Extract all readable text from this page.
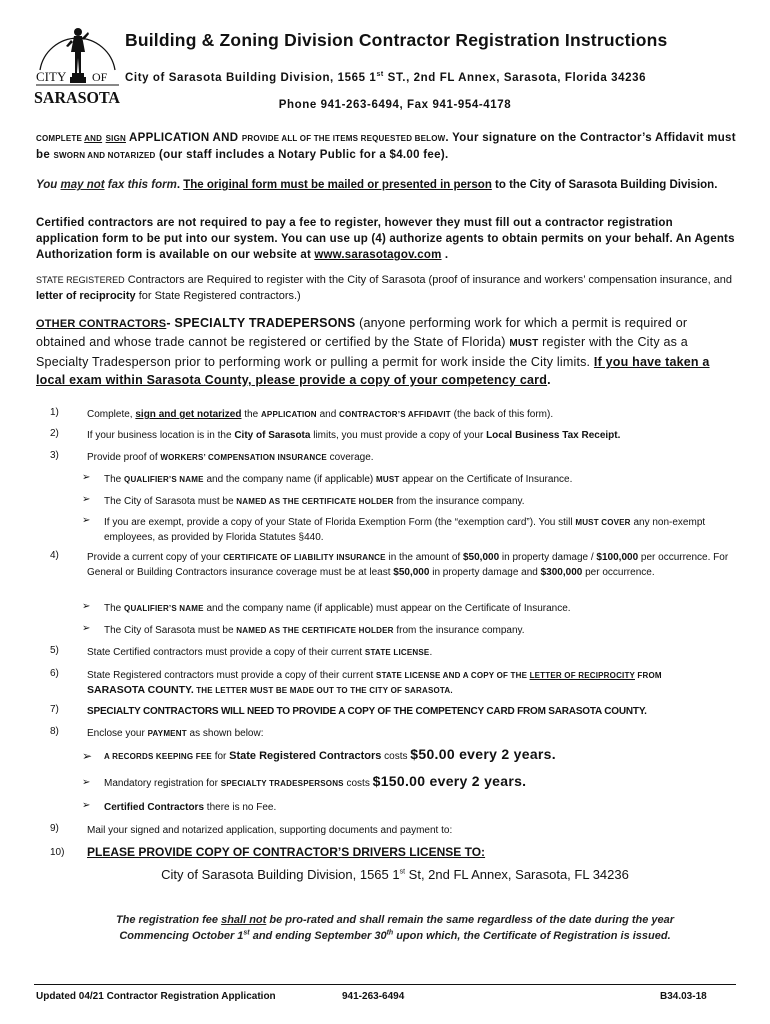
CITY OF
SARASOTA
Building & Zoning Division Contractor Registration Instructions
City of Sarasota Building Division, 1565 1st ST., 2nd FL Annex, Sarasota, Florida 34236
Phone 941-263-6494, Fax 941-954-4178
COMPLETE AND SIGN APPLICATION AND PROVIDE ALL OF THE ITEMS REQUESTED BELOW. Your signature on the Contractor’s Affidavit must be SWORN AND NOTARIZED (our staff includes a Notary Public for a $4.00 fee).
You may not fax this form. The original form must be mailed or presented in person to the City of Sarasota Building Division.
Certified contractors are not required to pay a fee to register, however they must fill out a contractor registration application form to be put into our system. You can use up (4) authorize agents to obtain permits on your behalf. An Agents Authorization form is available on our website at www.sarasotagov.com .
STATE REGISTERED Contractors are Required to register with the City of Sarasota (proof of insurance and workers’ compensation insurance, and letter of reciprocity for State Registered contractors.)
OTHER CONTRACTORS- SPECIALTY TRADEPERSONS (anyone performing work for which a permit is required or obtained and whose trade cannot be registered or certified by the State of Florida) MUST register with the City as a Specialty Tradesperson prior to performing work or pulling a permit for work inside the City limits. If you have taken a local exam within Sarasota County, please provide a copy of your competency card.
1)	Complete, sign and get notarized the APPLICATION and CONTRACTOR’S AFFIDAVIT (the back of this form).
2)	If your business location is in the City of Sarasota limits, you must provide a copy of your Local Business Tax Receipt.
3)	Provide proof of WORKERS’ COMPENSATION INSURANCE coverage.
➢ The QUALIFIER’S NAME and the company name (if applicable) MUST appear on the Certificate of Insurance.
➢ The City of Sarasota must be NAMED AS THE CERTIFICATE HOLDER from the insurance company.
➢ If you are exempt, provide a copy of your State of Florida Exemption Form (the “exemption card”). You still MUST COVER any non-exempt employees, as provided by Florida Statutes §440.
4)	Provide a current copy of your CERTIFICATE OF LIABILITY INSURANCE in the amount of $50,000 in property damage / $100,000 per occurrence. For General or Building Contractors insurance coverage must be at least $50,000 in property damage and $300,000 per occurrence.
➢ The QUALIFIER’S NAME and the company name (if applicable) must appear on the Certificate of Insurance.
➢ The City of Sarasota must be NAMED AS THE CERTIFICATE HOLDER from the insurance company.
5)	State Certified contractors must provide a copy of their current STATE LICENSE.
6)	State Registered contractors must provide a copy of their current STATE LICENSE AND A COPY OF THE LETTER OF RECIPROCITY FROM
SARASOTA COUNTY. THE LETTER MUST BE MADE OUT TO THE CITY OF SARASOTA.
7)	SPECIALTY CONTRACTORS WILL NEED TO PROVIDE A COPY OF THE COMPETENCY CARD FROM SARASOTA COUNTY.
8)	Enclose your PAYMENT as shown below:
➢ A RECORDS KEEPING FEE for State Registered Contractors costs $50.00 every 2 years.
➢ Mandatory registration for SPECIALTY TRADESPERSONS costs $150.00 every 2 years.
➢ Certified Contractors there is no Fee.
9)	Mail your signed and notarized application, supporting documents and payment to:
10)	PLEASE PROVIDE COPY OF CONTRACTOR’S DRIVERS LICENSE TO:
City of Sarasota Building Division, 1565 1st St, 2nd FL Annex, Sarasota, FL 34236
The registration fee shall not be pro-rated and shall remain the same regardless of the date during the year
Commencing October 1st and ending September 30th upon which, the Certificate of Registration is issued.
Updated 04/21 Contractor Registration Application	941-263-6494	B34.03-18
